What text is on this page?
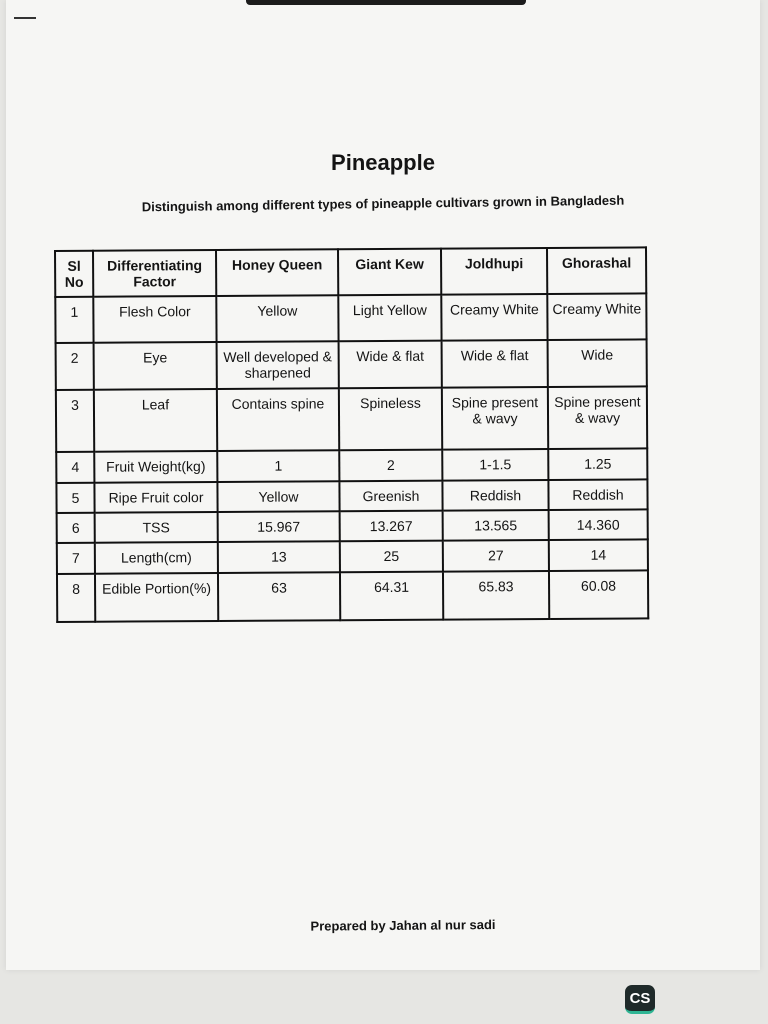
Pineapple
Distinguish among different types of pineapple cultivars grown in Bangladesh
Sl No	Differentiating Factor	Honey Queen	Giant Kew	Joldhupi	Ghorashal
1	Flesh Color	Yellow	Light Yellow	Creamy White	Creamy White
2	Eye	Well developed & sharpened	Wide & flat	Wide & flat	Wide
3	Leaf	Contains spine	Spineless	Spine present & wavy	Spine present & wavy
4	Fruit Weight(kg)	1	2	1-1.5	1.25
5	Ripe Fruit color	Yellow	Greenish	Reddish	Reddish
6	TSS	15.967	13.267	13.565	14.360
7	Length(cm)	13	25	27	14
8	Edible Portion(%)	63	64.31	65.83	60.08
Prepared by Jahan al nur sadi
CS
